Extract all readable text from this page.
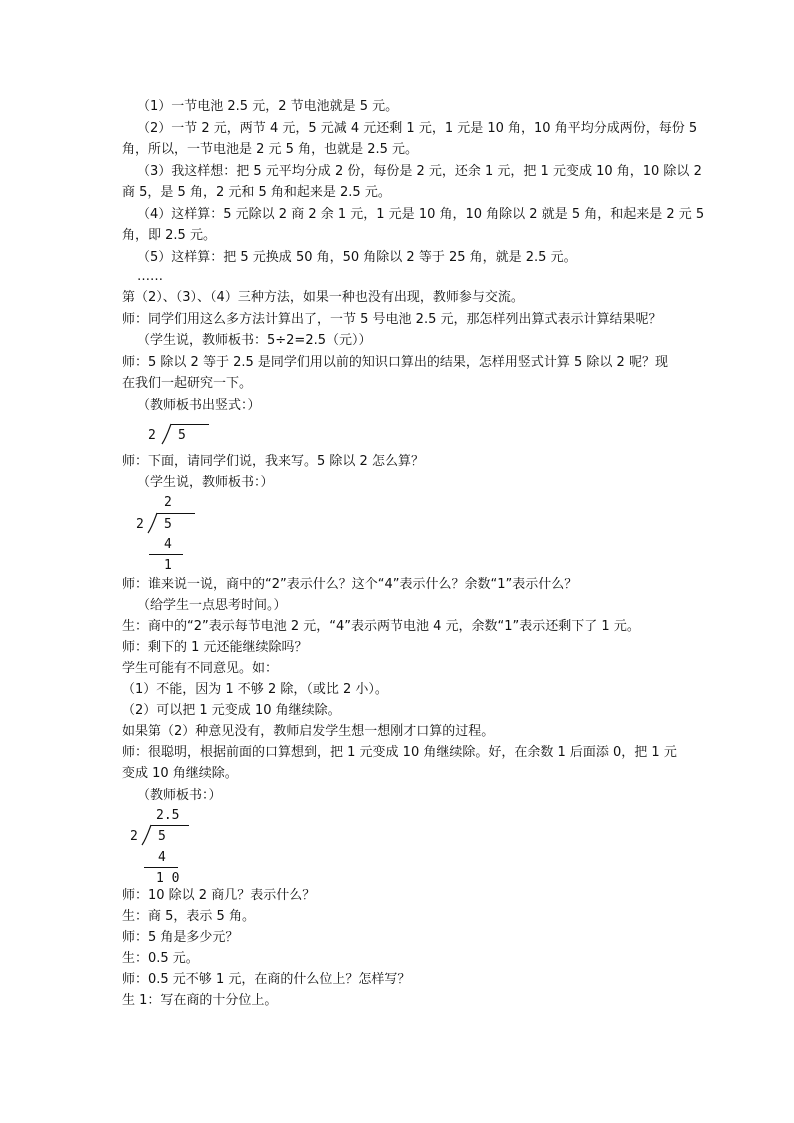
（1）一节电池 2.5 元，2 节电池就是 5 元。
（2）一节 2 元，两节 4 元，5 元减 4 元还剩 1 元，1 元是 10 角，10 角平均分成两份，每份 5
角，所以，一节电池是 2 元 5 角，也就是 2.5 元。
（3）我这样想：把 5 元平均分成 2 份，每份是 2 元，还余 1 元，把 1 元变成 10 角，10 除以 2
商 5，是 5 角，2 元和 5 角和起来是 2.5 元。
（4）这样算：5 元除以 2 商 2 余 1 元，1 元是 10 角，10 角除以 2 就是 5 角，和起来是 2 元 5
角，即 2.5 元。
（5）这样算：把 5 元换成 50 角，50 角除以 2 等于 25 角，就是 2.5 元。
……
第（2）、（3）、（4）三种方法，如果一种也没有出现，教师参与交流。
师：同学们用这么多方法计算出了，一节 5 号电池 2.5 元，那怎样列出算式表示计算结果呢？
（学生说，教师板书：5÷2=2.5（元））
师：5 除以 2 等于 2.5 是同学们用以前的知识口算出的结果，怎样用竖式计算 5 除以 2 呢？现
在我们一起研究一下。
（教师板书出竖式：）
2 5
师：下面，请同学们说，我来写。5 除以 2 怎么算？
（学生说，教师板书：）
2
2 5
4
1
师：谁来说一说，商中的“2”表示什么？这个“4”表示什么？余数“1”表示什么？
（给学生一点思考时间。）
生：商中的“2”表示每节电池 2 元，“4”表示两节电池 4 元，余数“1”表示还剩下了 1 元。
师：剩下的 1 元还能继续除吗？
学生可能有不同意见。如：
（1）不能，因为 1 不够 2 除，（或比 2 小）。
（2）可以把 1 元变成 10 角继续除。
如果第（2）种意见没有，教师启发学生想一想刚才口算的过程。
师：很聪明，根据前面的口算想到，把 1 元变成 10 角继续除。好，在余数 1 后面添 0，把 1 元
变成 10 角继续除。
（教师板书：）
2.5
2 5
4
1 0
师：10 除以 2 商几？表示什么？
生：商 5，表示 5 角。
师：5 角是多少元？
生：0.5 元。
师：0.5 元不够 1 元，在商的什么位上？怎样写？
生 1：写在商的十分位上。
